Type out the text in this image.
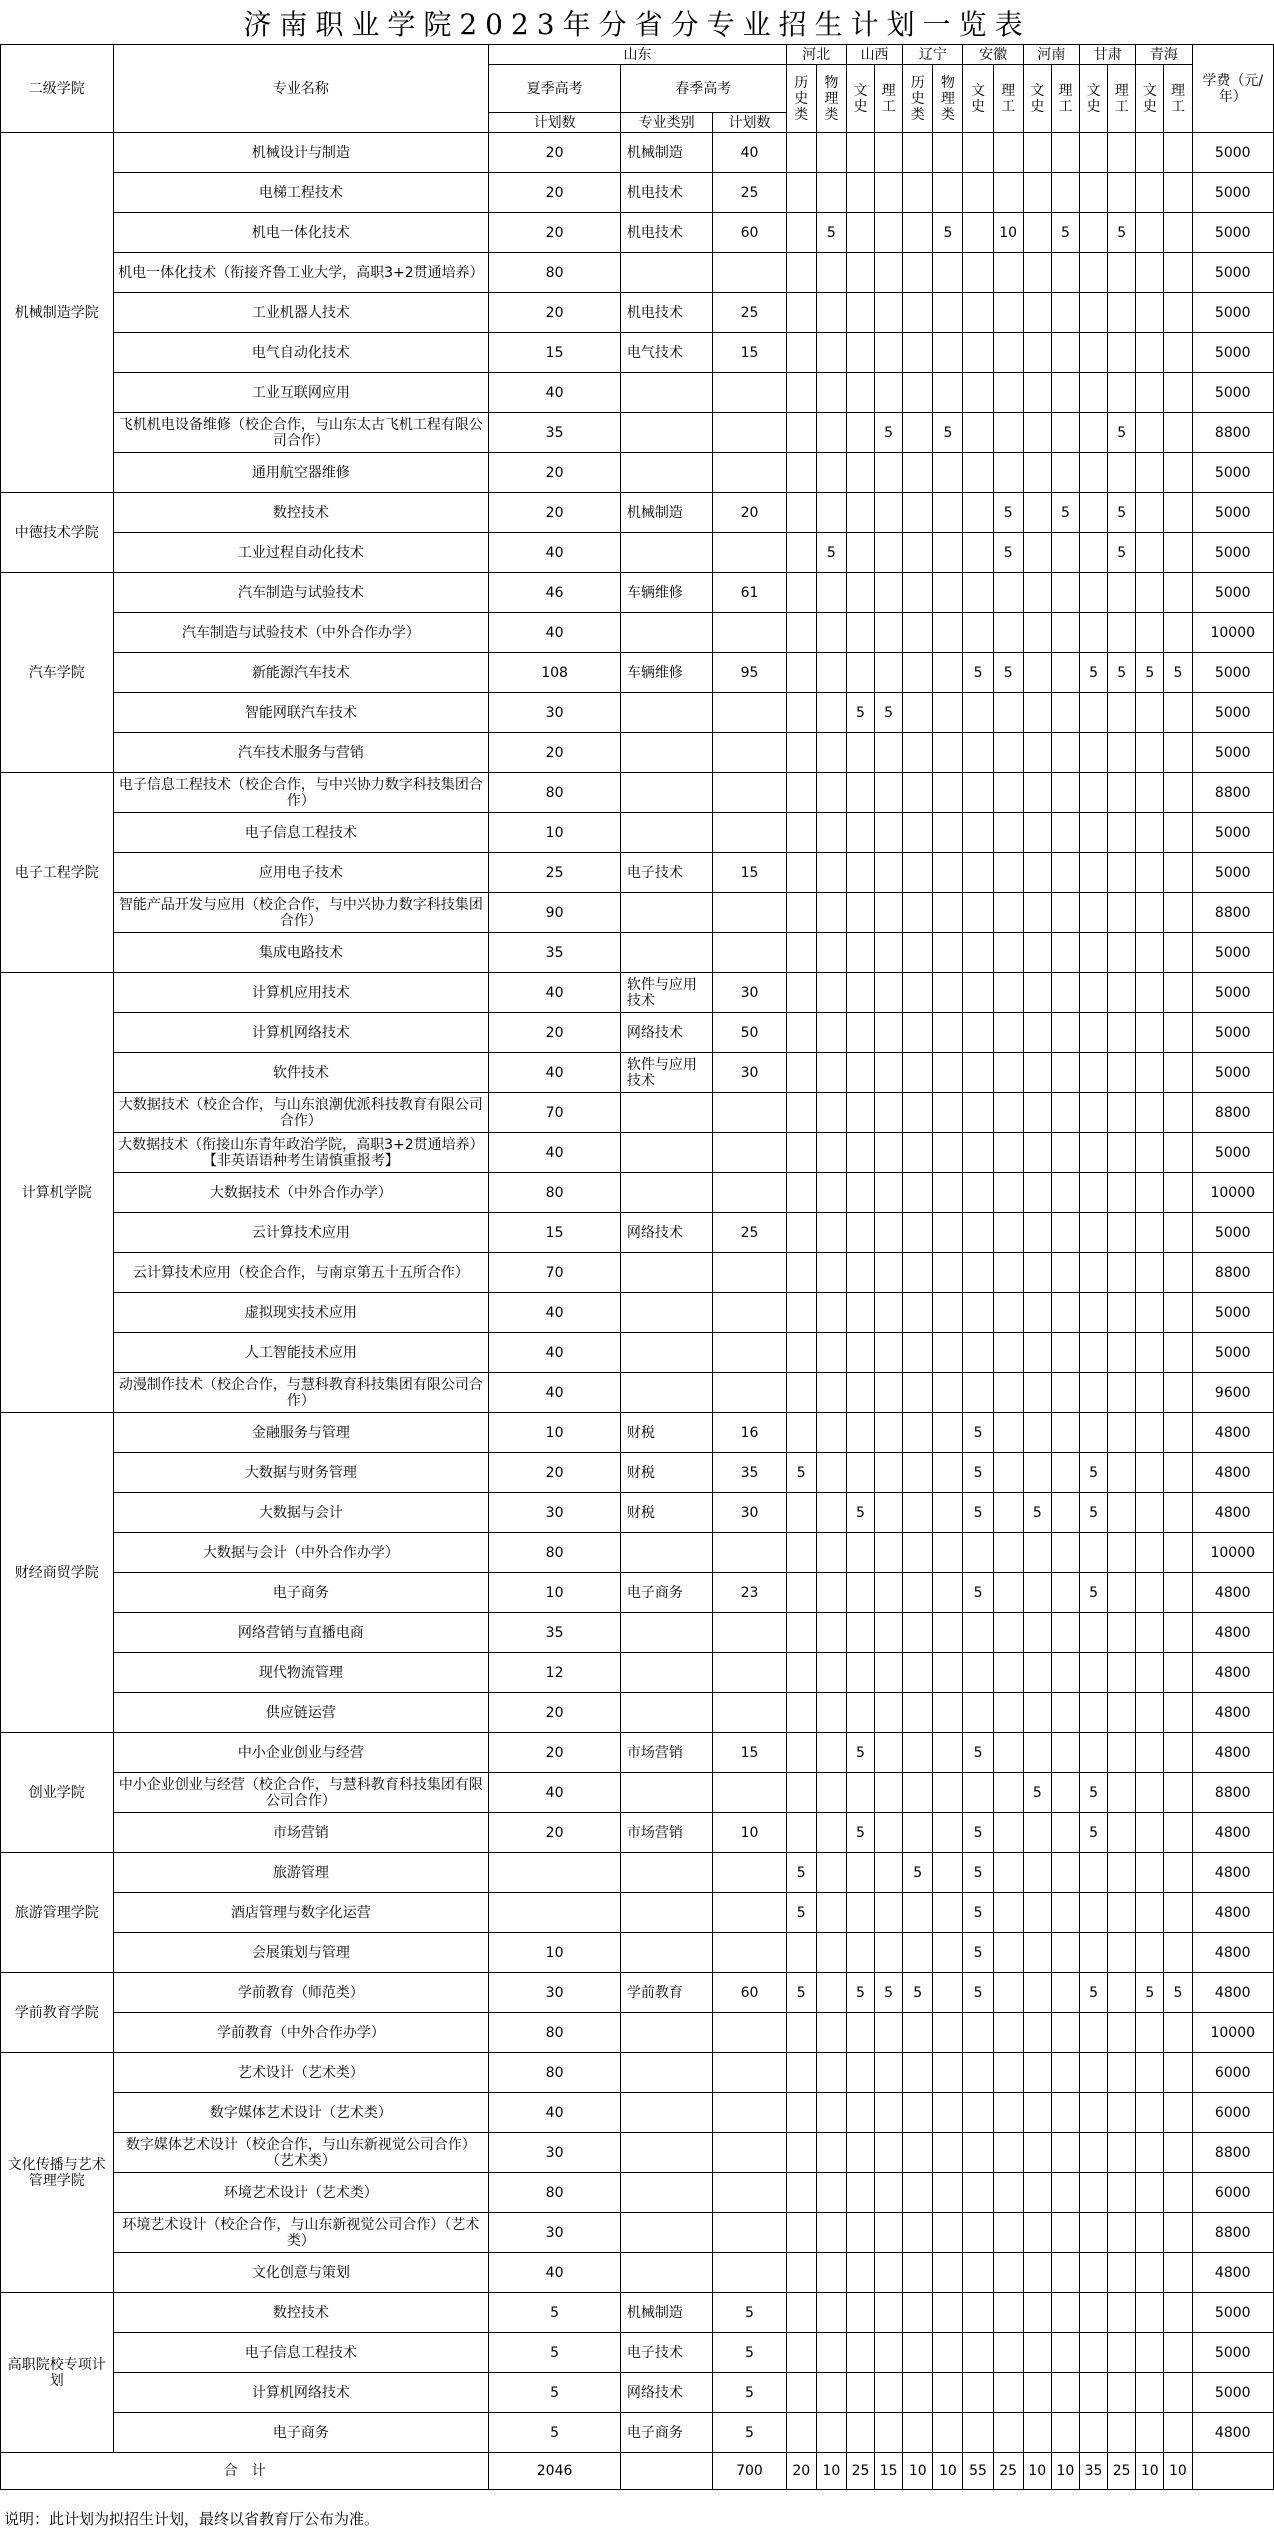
济南职业学院2023年分省分专业招生计划一览表
二级学院	专业名称	山东			河北		山西		辽宁		安徽		河南		甘肃		青海		学费（元/年）
		夏季高考	春季高考		历史类	物理类	文史	理工	历史类	物理类	文史	理工	文史	理工	文史	理工	文史	理工	
		计划数	专业类别	计划数															
机械制造学院	机械设计与制造	20	机械制造	40															5000
	电梯工程技术	20	机电技术	25															5000
	机电一体化技术	20	机电技术	60		5				5		10		5		5			5000
	机电一体化技术（衔接齐鲁工业大学，高职3+2贯通培养）	80																	5000
	工业机器人技术	20	机电技术	25															5000
	电气自动化技术	15	电气技术	15															5000
	工业互联网应用	40																	5000
	飞机机电设备维修（校企合作，与山东太古飞机工程有限公司合作）	35						5		5						5			8800
	通用航空器维修	20																	5000
中德技术学院	数控技术	20	机械制造	20								5		5		5			5000
	工业过程自动化技术	40				5						5				5			5000
汽车学院	汽车制造与试验技术	46	车辆维修	61															5000
	汽车制造与试验技术（中外合作办学）	40																	10000
	新能源汽车技术	108	车辆维修	95							5	5			5	5	5	5	5000
	智能网联汽车技术	30					5	5											5000
	汽车技术服务与营销	20																	5000
电子工程学院	电子信息工程技术（校企合作，与中兴协力数字科技集团合作）	80																	8800
	电子信息工程技术	10																	5000
	应用电子技术	25	电子技术	15															5000
	智能产品开发与应用（校企合作，与中兴协力数字科技集团合作）	90																	8800
	集成电路技术	35																	5000
计算机学院	计算机应用技术	40	软件与应用技术	30															5000
	计算机网络技术	20	网络技术	50															5000
	软件技术	40	软件与应用技术	30															5000
	大数据技术（校企合作，与山东浪潮优派科技教育有限公司合作）	70																	8800
	大数据技术（衔接山东青年政治学院，高职3+2贯通培养）【非英语语种考生请慎重报考】	40																	5000
	大数据技术（中外合作办学）	80																	10000
	云计算技术应用	15	网络技术	25															5000
	云计算技术应用（校企合作，与南京第五十五所合作）	70																	8800
	虚拟现实技术应用	40																	5000
	人工智能技术应用	40																	5000
	动漫制作技术（校企合作，与慧科教育科技集团有限公司合作）	40																	9600
财经商贸学院	金融服务与管理	10	财税	16							5								4800
	大数据与财务管理	20	财税	35	5						5				5				4800
	大数据与会计	30	财税	30			5				5		5		5				4800
	大数据与会计（中外合作办学）	80																	10000
	电子商务	10	电子商务	23							5				5				4800
	网络营销与直播电商	35																	4800
	现代物流管理	12																	4800
	供应链运营	20																	4800
创业学院	中小企业创业与经营	20	市场营销	15			5				5								4800
	中小企业创业与经营（校企合作，与慧科教育科技集团有限公司合作）	40											5		5				8800
	市场营销	20	市场营销	10			5				5				5				4800
旅游管理学院	旅游管理				5				5		5								4800
	酒店管理与数字化运营				5						5								4800
	会展策划与管理	10									5								4800
学前教育学院	学前教育（师范类）	30	学前教育	60	5		5	5	5		5				5		5	5	4800
	学前教育（中外合作办学）	80																	10000
文化传播与艺术管理学院	艺术设计（艺术类）	80																	6000
	数字媒体艺术设计（艺术类）	40																	6000
	数字媒体艺术设计（校企合作，与山东新视觉公司合作）（艺术类）	30																	8800
	环境艺术设计（艺术类）	80																	6000
	环境艺术设计（校企合作，与山东新视觉公司合作）（艺术类）	30																	8800
	文化创意与策划	40																	4800
高职院校专项计划	数控技术	5	机械制造	5															5000
	电子信息工程技术	5	电子技术	5															5000
	计算机网络技术	5	网络技术	5															5000
	电子商务	5	电子商务	5															4800
合　计		2046		700	20	10	25	15	10	10	55	25	10	10	35	25	10	10	
说明：此计划为拟招生计划，最终以省教育厅公布为准。
